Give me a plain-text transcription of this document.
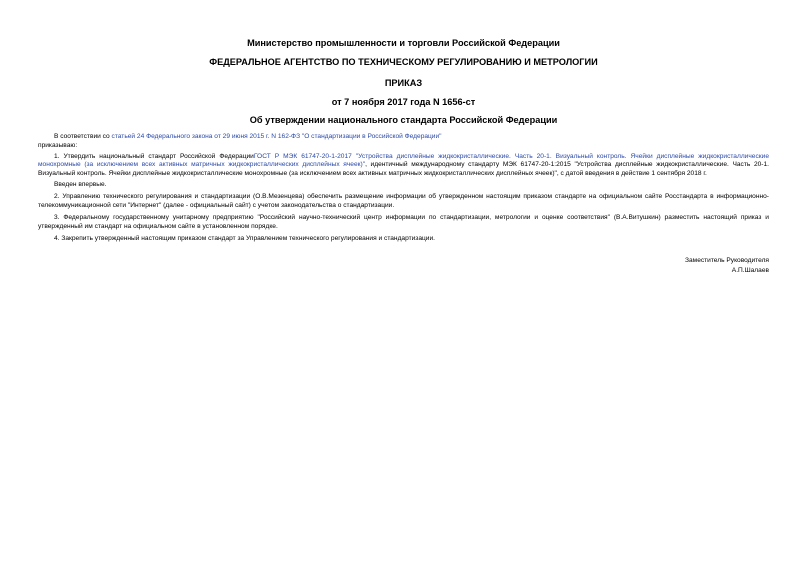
Министерство промышленности и торговли Российской Федерации
ФЕДЕРАЛЬНОЕ АГЕНТСТВО ПО ТЕХНИЧЕСКОМУ РЕГУЛИРОВАНИЮ И МЕТРОЛОГИИ
ПРИКАЗ
от 7 ноября 2017 года N 1656-ст
Об утверждении национального стандарта Российской Федерации

В соответствии со статьей 24 Федерального закона от 29 июня 2015 г. N 162-ФЗ "О стандартизации в Российской Федерации"

приказываю:

1. Утвердить национальный стандарт Российской ФедерацииГОСТ Р МЭК 61747-20-1-2017 "Устройства дисплейные жидкокристаллические. Часть 20-1. Визуальный контроль. Ячейки дисплейные жидкокристаллические монохромные (за исключением всех активных матричных жидкокристаллических дисплейных ячеек)", идентичный международному стандарту МЭК 61747-20-1:2015 "Устройства дисплейные жидкокристаллические. Часть 20-1. Визуальный контроль. Ячейки дисплейные жидкокристаллические монохромные (за исключением всех активных матричных жидкокристаллических дисплейных ячеек)", с датой введения в действие 1 сентября 2018 г.

Введен впервые.

2. Управлению технического регулирования и стандартизации (О.В.Мезенцева) обеспечить размещение информации об утвержденном настоящим приказом стандарте на официальном сайте Росстандарта в информационно-телекоммуникационной сети "Интернет" (далее - официальный сайт) с учетом законодательства о стандартизации.

3. Федеральному государственному унитарному предприятию "Российский научно-технический центр информации по стандартизации, метрологии и оценке соответствия" (В.А.Витушкин) разместить настоящий приказ и утвержденный им стандарт на официальном сайте в установленном порядке.

4. Закрепить утвержденный настоящим приказом стандарт за Управлением технического регулирования и стандартизации.

Заместитель Руководителя
А.П.Шалаев
